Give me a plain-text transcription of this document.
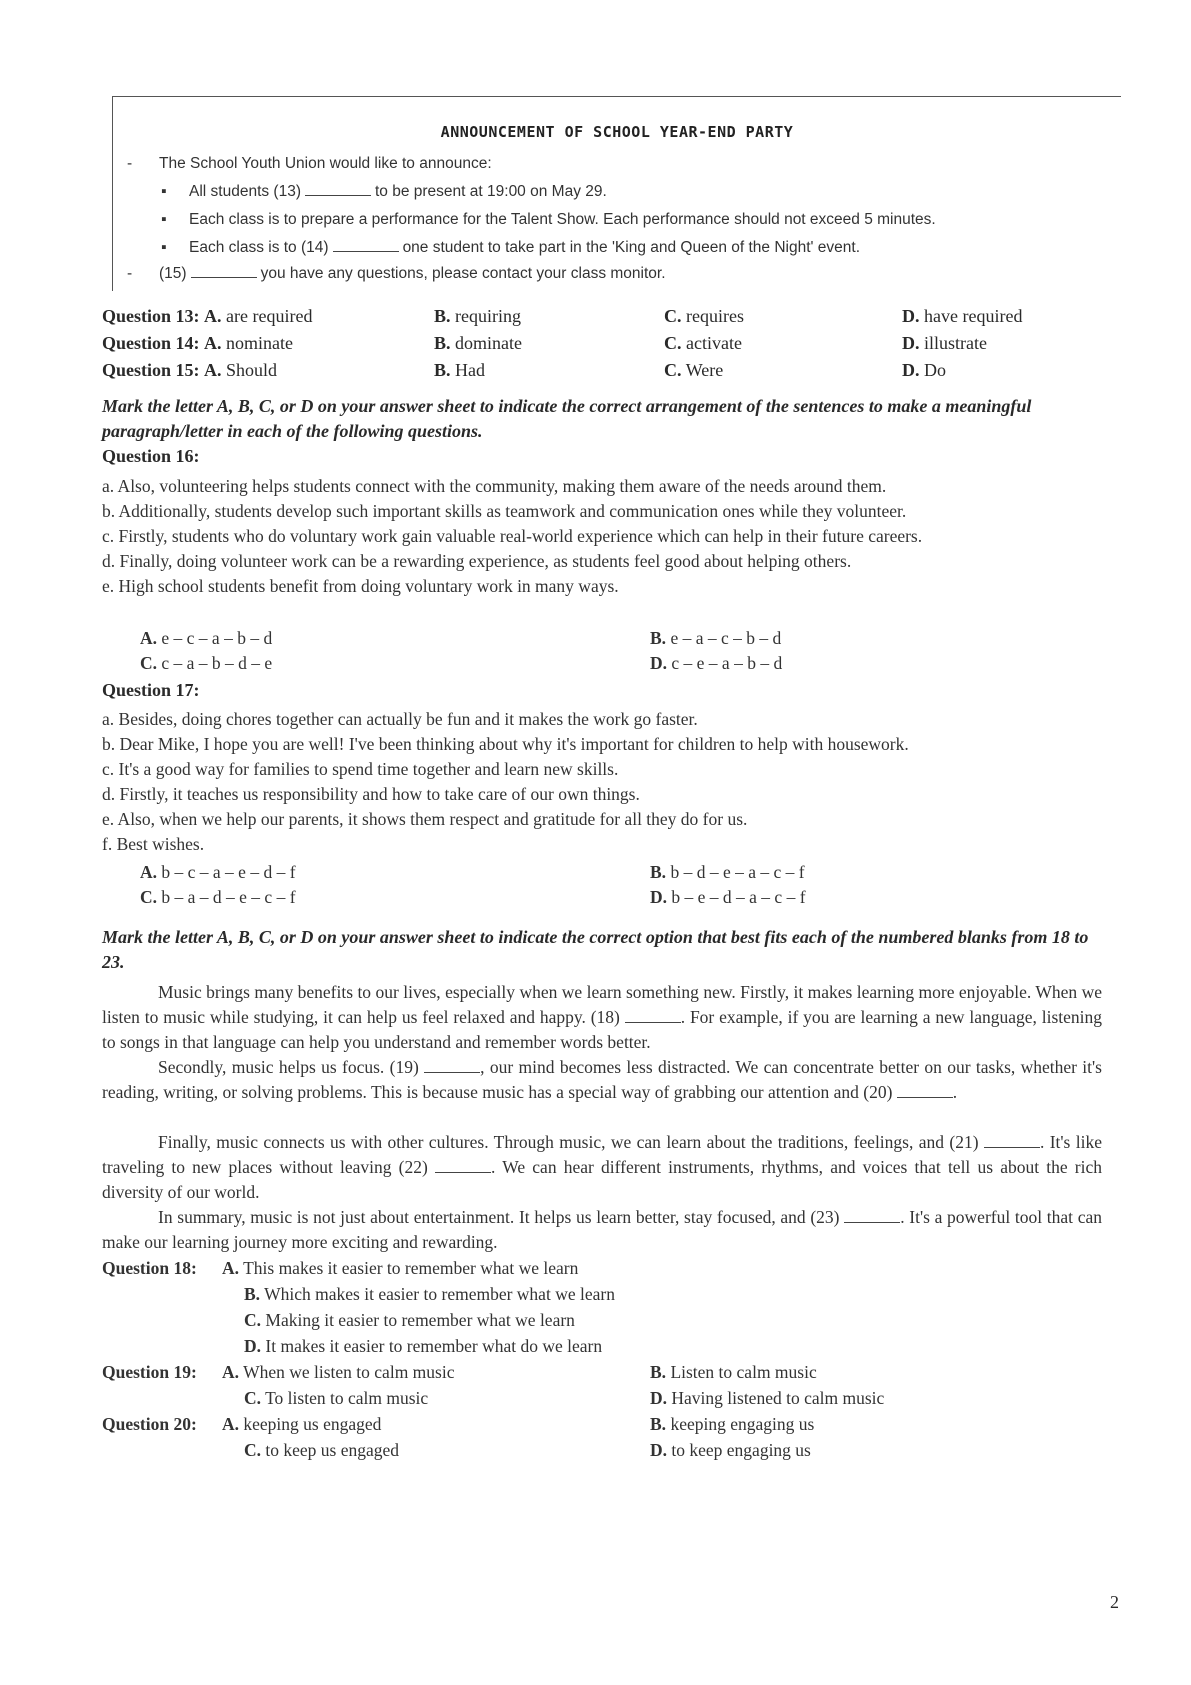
ANNOUNCEMENT OF SCHOOL YEAR-END PARTY
- The School Youth Union would like to announce:
▪ All students (13)	to be present at 19:00 on May 29.
▪ Each class is to prepare a performance for the Talent Show. Each performance should not exceed 5 minutes.
▪ Each class is to (14)	one student to take part in the 'King and Queen of the Night' event.
- (15)	you have any questions, please contact your class monitor.
Question 13: A. are required	B. requiring	C. requires	D. have required
Question 14: A. nominate	B. dominate	C. activate	D. illustrate
Question 15: A. Should	B. Had	C. Were	D. Do
Mark the letter A, B, C, or D on your answer sheet to indicate the correct arrangement of the sentences to make a meaningful paragraph/letter in each of the following questions.
Question 16:
a. Also, volunteering helps students connect with the community, making them aware of the needs around them.
b. Additionally, students develop such important skills as teamwork and communication ones while they volunteer.
c. Firstly, students who do voluntary work gain valuable real-world experience which can help in their future careers.
d. Finally, doing volunteer work can be a rewarding experience, as students feel good about helping others.
e. High school students benefit from doing voluntary work in many ways.
A. e – c – a – b – d	B. e – a – c – b – d
C. c – a – b – d – e	D. c – e – a – b – d
Question 17:
a. Besides, doing chores together can actually be fun and it makes the work go faster.
b. Dear Mike, I hope you are well! I've been thinking about why it's important for children to help with housework.
c. It's a good way for families to spend time together and learn new skills.
d. Firstly, it teaches us responsibility and how to take care of our own things.
e. Also, when we help our parents, it shows them respect and gratitude for all they do for us.
f. Best wishes.
A. b – c – a – e – d – f	B. b – d – e – a – c – f
C. b – a – d – e – c – f	D. b – e – d – a – c – f
Mark the letter A, B, C, or D on your answer sheet to indicate the correct option that best fits each of the numbered blanks from 18 to 23.
Music brings many benefits to our lives, especially when we learn something new. Firstly, it makes learning more enjoyable. When we listen to music while studying, it can help us feel relaxed and happy. (18)	. For example, if you are learning a new language, listening to songs in that language can help you understand and remember words better.
Secondly, music helps us focus. (19)	, our mind becomes less distracted. We can concentrate better on our tasks, whether it's reading, writing, or solving problems. This is because music has a special way of grabbing our attention and (20)	.
Finally, music connects us with other cultures. Through music, we can learn about the traditions, feelings, and (21)	. It's like traveling to new places without leaving (22)	. We can hear different instruments, rhythms, and voices that tell us about the rich diversity of our world.
In summary, music is not just about entertainment. It helps us learn better, stay focused, and (23)	. It's a powerful tool that can make our learning journey more exciting and rewarding.
Question 18: A. This makes it easier to remember what we learn
B. Which makes it easier to remember what we learn
C. Making it easier to remember what we learn
D. It makes it easier to remember what do we learn
Question 19: A. When we listen to calm music	B. Listen to calm music
C. To listen to calm music	D. Having listened to calm music
Question 20: A. keeping us engaged	B. keeping engaging us
C. to keep us engaged	D. to keep engaging us
2
